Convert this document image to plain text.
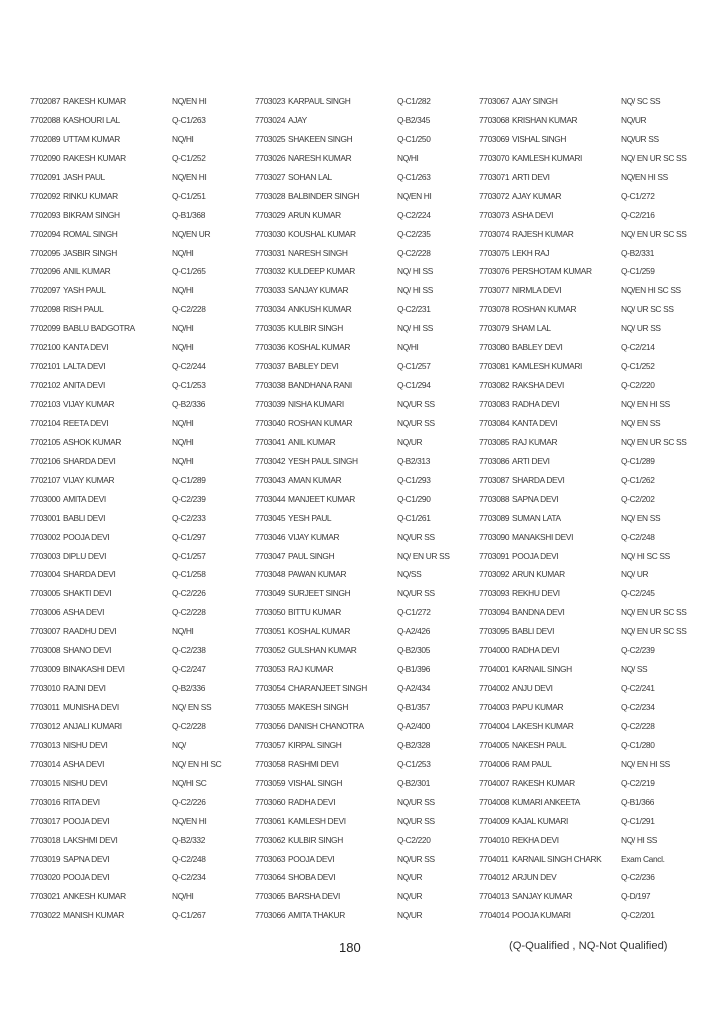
7702087 RAKESH KUMAR	NQ/EN HI
7702088 KASHOURI LAL	Q-C1/263
7702089 UTTAM KUMAR	NQ/HI
7702090 RAKESH KUMAR	Q-C1/252
7702091 JASH PAUL	NQ/EN HI
7702092 RINKU KUMAR	Q-C1/251
7702093 BIKRAM SINGH	Q-B1/368
7702094 ROMAL SINGH	NQ/EN UR
7702095 JASBIR SINGH	NQ/HI
7702096 ANIL KUMAR	Q-C1/265
7702097 YASH PAUL	NQ/HI
7702098 RISH PAUL	Q-C2/228
7702099 BABLU BADGOTRA	NQ/HI
7702100 KANTA DEVI	NQ/HI
7702101 LALTA DEVI	Q-C2/244
7702102 ANITA DEVI	Q-C1/253
7702103 VIJAY KUMAR	Q-B2/336
7702104 REETA DEVI	NQ/HI
7702105 ASHOK KUMAR	NQ/HI
7702106 SHARDA DEVI	NQ/HI
7702107 VIJAY KUMAR	Q-C1/289
7703000 AMITA DEVI	Q-C2/239
7703001 BABLI DEVI	Q-C2/233
7703002 POOJA DEVI	Q-C1/297
7703003 DIPLU DEVI	Q-C1/257
7703004 SHARDA DEVI	Q-C1/258
7703005 SHAKTI DEVI	Q-C2/226
7703006 ASHA DEVI	Q-C2/228
7703007 RAADHU DEVI	NQ/HI
7703008 SHANO DEVI	Q-C2/238
7703009 BINAKASHI DEVI	Q-C2/247
7703010 RAJNI DEVI	Q-B2/336
7703011 MUNISHA DEVI	NQ/ EN SS
7703012 ANJALI KUMARI	Q-C2/228
7703013 NISHU DEVI	NQ/
7703014 ASHA DEVI	NQ/ EN HI SC
7703015 NISHU DEVI	NQ/HI SC
7703016 RITA DEVI	Q-C2/226
7703017 POOJA DEVI	NQ/EN HI
7703018 LAKSHMI DEVI	Q-B2/332
7703019 SAPNA DEVI	Q-C2/248
7703020 POOJA DEVI	Q-C2/234
7703021 ANKESH KUMAR	NQ/HI
7703022 MANISH KUMAR	Q-C1/267
7703023 KARPAUL SINGH	Q-C1/282
7703024 AJAY	Q-B2/345
7703025 SHAKEEN SINGH	Q-C1/250
7703026 NARESH KUMAR	NQ/HI
7703027 SOHAN LAL	Q-C1/263
7703028 BALBINDER SINGH	NQ/EN HI
7703029 ARUN KUMAR	Q-C2/224
7703030 KOUSHAL KUMAR	Q-C2/235
7703031 NARESH SINGH	Q-C2/228
7703032 KULDEEP KUMAR	NQ/ HI SS
7703033 SANJAY KUMAR	NQ/ HI SS
7703034 ANKUSH KUMAR	Q-C2/231
7703035 KULBIR SINGH	NQ/ HI SS
7703036 KOSHAL KUMAR	NQ/HI
7703037 BABLEY DEVI	Q-C1/257
7703038 BANDHANA RANI	Q-C1/294
7703039 NISHA KUMARI	NQ/UR SS
7703040 ROSHAN KUMAR	NQ/UR SS
7703041 ANIL KUMAR	NQ/UR
7703042 YESH PAUL SINGH	Q-B2/313
7703043 AMAN KUMAR	Q-C1/293
7703044 MANJEET KUMAR	Q-C1/290
7703045 YESH PAUL	Q-C1/261
7703046 VIJAY KUMAR	NQ/UR SS
7703047 PAUL SINGH	NQ/ EN UR SS
7703048 PAWAN KUMAR	NQ/SS
7703049 SURJEET SINGH	NQ/UR SS
7703050 BITTU KUMAR	Q-C1/272
7703051 KOSHAL KUMAR	Q-A2/426
7703052 GULSHAN KUMAR	Q-B2/305
7703053 RAJ KUMAR	Q-B1/396
7703054 CHARANJEET SINGH	Q-A2/434
7703055 MAKESH SINGH	Q-B1/357
7703056 DANISH CHANOTRA	Q-A2/400
7703057 KIRPAL SINGH	Q-B2/328
7703058 RASHMI DEVI	Q-C1/253
7703059 VISHAL SINGH	Q-B2/301
7703060 RADHA DEVI	NQ/UR SS
7703061 KAMLESH DEVI	NQ/UR SS
7703062 KULBIR SINGH	Q-C2/220
7703063 POOJA DEVI	NQ/UR SS
7703064 SHOBA DEVI	NQ/UR
7703065 BARSHA DEVI	NQ/UR
7703066 AMITA THAKUR	NQ/UR
7703067 AJAY SINGH	NQ/ SC SS
7703068 KRISHAN KUMAR	NQ/UR
7703069 VISHAL SINGH	NQ/UR SS
7703070 KAMLESH KUMARI	NQ/ EN UR SC SS
7703071 ARTI DEVI	NQ/EN HI SS
7703072 AJAY KUMAR	Q-C1/272
7703073 ASHA DEVI	Q-C2/216
7703074 RAJESH KUMAR	NQ/ EN UR SC SS
7703075 LEKH RAJ	Q-B2/331
7703076 PERSHOTAM KUMAR	Q-C1/259
7703077 NIRMLA DEVI	NQ/EN HI SC SS
7703078 ROSHAN KUMAR	NQ/ UR SC SS
7703079 SHAM LAL	NQ/ UR SS
7703080 BABLEY DEVI	Q-C2/214
7703081 KAMLESH KUMARI	Q-C1/252
7703082 RAKSHA DEVI	Q-C2/220
7703083 RADHA DEVI	NQ/ EN HI SS
7703084 KANTA DEVI	NQ/ EN SS
7703085 RAJ KUMAR	NQ/ EN UR SC SS
7703086 ARTI DEVI	Q-C1/289
7703087 SHARDA DEVI	Q-C1/262
7703088 SAPNA DEVI	Q-C2/202
7703089 SUMAN LATA	NQ/ EN SS
7703090 MANAKSHI DEVI	Q-C2/248
7703091 POOJA DEVI	NQ/ HI SC SS
7703092 ARUN KUMAR	NQ/ UR
7703093 REKHU DEVI	Q-C2/245
7703094 BANDNA DEVI	NQ/ EN UR SC SS
7703095 BABLI DEVI	NQ/ EN UR SC SS
7704000 RADHA DEVI	Q-C2/239
7704001 KARNAIL SINGH	NQ/ SS
7704002 ANJU DEVI	Q-C2/241
7704003 PAPU KUMAR	Q-C2/234
7704004 LAKESH KUMAR	Q-C2/228
7704005 NAKESH PAUL	Q-C1/280
7704006 RAM PAUL	NQ/ EN HI SS
7704007 RAKESH KUMAR	Q-C2/219
7704008 KUMARI ANKEETA	Q-B1/366
7704009 KAJAL KUMARI	Q-C1/291
7704010 REKHA DEVI	NQ/ HI SS
7704011 KARNAIL SINGH CHARK Exam Cancl.
7704012 ARJUN DEV	Q-C2/236
7704013 SANJAY KUMAR	Q-D/197
7704014 POOJA KUMARI	Q-C2/201
180	(Q-Qualified , NQ-Not Qualified)
